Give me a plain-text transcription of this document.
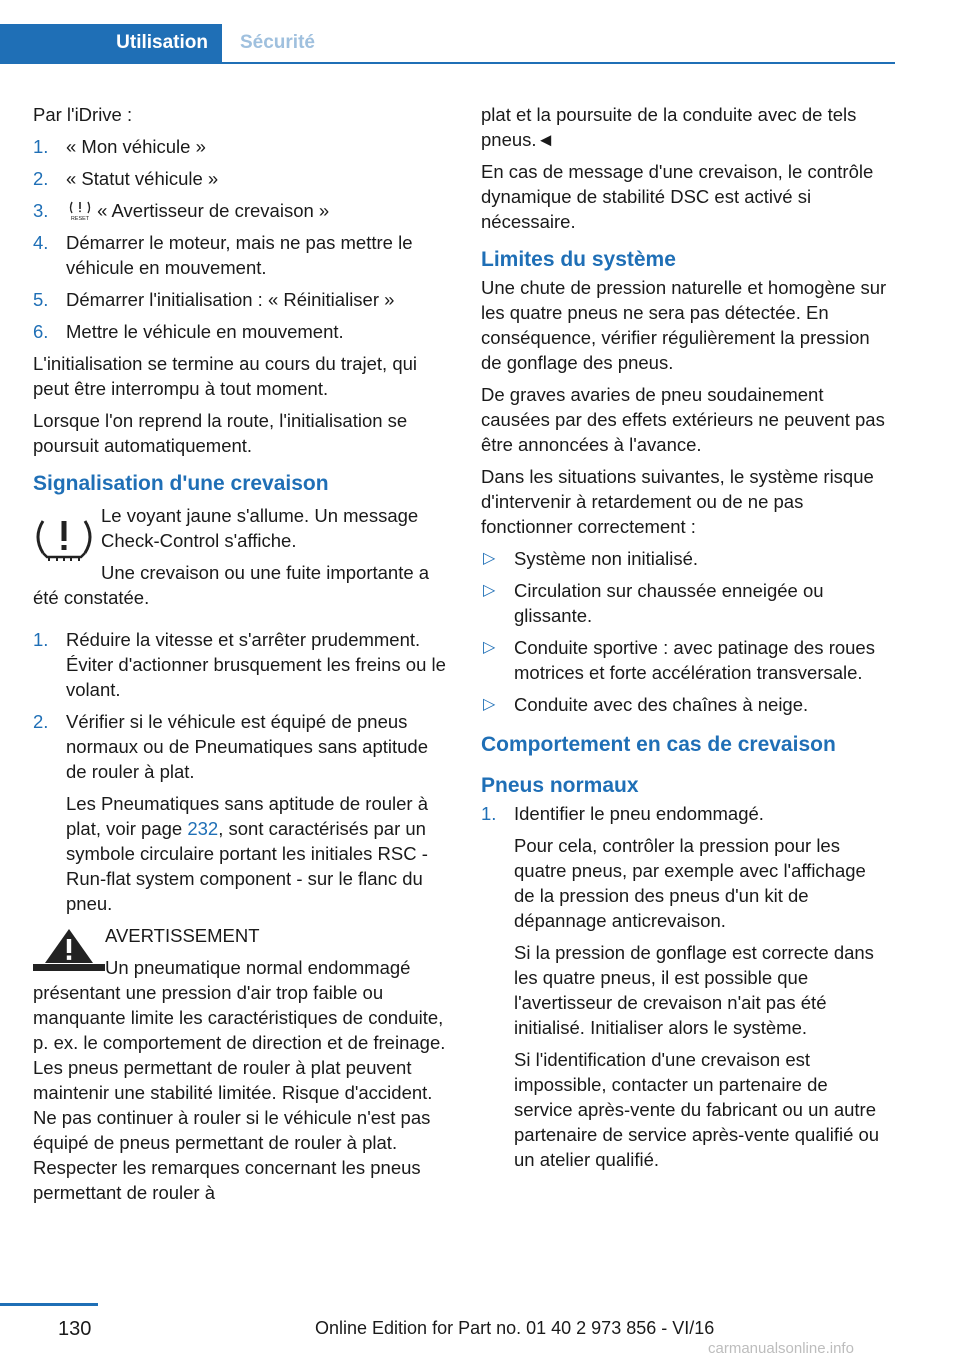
Utilisation	Sécurité

Par l'iDrive :

1. « Mon véhicule »
2. « Statut véhicule »
3.	RESET « Avertisseur de crevaison »
4. Démarrer le moteur, mais ne pas mettre le véhicule en mouvement.
5. Démarrer l'initialisation : « Réinitialiser »
6. Mettre le véhicule en mouvement.

L'initialisation se termine au cours du trajet, qui peut être interrompu à tout moment.

Lorsque l'on reprend la route, l'initialisation se poursuit automatiquement.

Signalisation d'une crevaison

Le voyant jaune s'allume. Un message Check-Control s'affiche.

Une crevaison ou une fuite importante a été constatée.

1. Réduire la vitesse et s'arrêter prudemment. Éviter d'actionner brusquement les freins ou le volant.
2. Vérifier si le véhicule est équipé de pneus normaux ou de Pneumatiques sans aptitude de rouler à plat.
Les Pneumatiques sans aptitude de rouler à plat, voir page 232, sont caractérisés par un symbole circulaire portant les initiales RSC - Run-flat system component - sur le flanc du pneu.

AVERTISSEMENT

Un pneumatique normal endommagé présentant une pression d'air trop faible ou manquante limite les caractéristiques de conduite, p. ex. le comportement de direction et de freinage. Les pneus permettant de rouler à plat peuvent maintenir une stabilité limitée. Risque d'accident. Ne pas continuer à rouler si le véhicule n'est pas équipé de pneus permettant de rouler à plat. Respecter les remarques concernant les pneus permettant de rouler à

plat et la poursuite de la conduite avec de tels pneus.◄

En cas de message d'une crevaison, le contrôle dynamique de stabilité DSC est activé si nécessaire.

Limites du système

Une chute de pression naturelle et homogène sur les quatre pneus ne sera pas détectée. En conséquence, vérifier régulièrement la pression de gonflage des pneus.

De graves avaries de pneu soudainement causées par des effets extérieurs ne peuvent pas être annoncées à l'avance.

Dans les situations suivantes, le système risque d'intervenir à retardement ou de ne pas fonctionner correctement :

▷ Système non initialisé.
▷ Circulation sur chaussée enneigée ou glissante.
▷ Conduite sportive : avec patinage des roues motrices et forte accélération transversale.
▷ Conduite avec des chaînes à neige.
Comportement en cas de crevaison
Pneus normaux
1. Identifier le pneu endommagé.
Pour cela, contrôler la pression pour les quatre pneus, par exemple avec l'affichage de la pression des pneus d'un kit de dépannage anticrevaison.
Si la pression de gonflage est correcte dans les quatre pneus, il est possible que l'avertisseur de crevaison n'ait pas été initialisé. Initialiser alors le système.
Si l'identification d'une crevaison est impossible, contacter un partenaire de service après-vente du fabricant ou un autre partenaire de service après-vente qualifié ou un atelier qualifié.
130	Online Edition for Part no. 01 40 2 973 856 - VI/16
carmanualsonline.info
